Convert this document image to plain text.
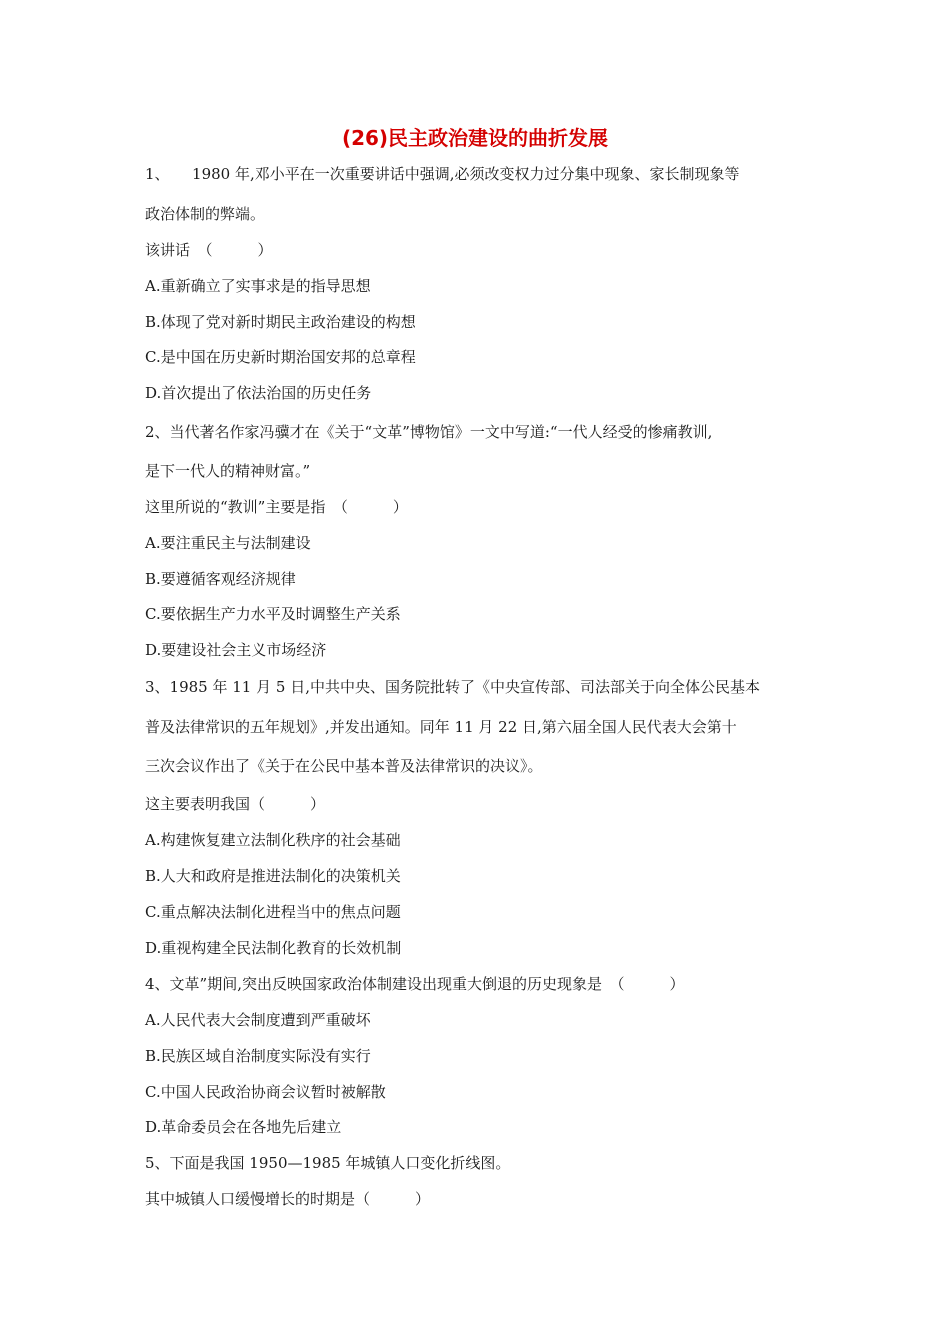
(26)民主政治建设的曲折发展
1、　　1980 年,邓小平在一次重要讲话中强调,必须改变权力过分集中现象、家长制现象等
政治体制的弊端。
该讲话　（　　　）
A.重新确立了实事求是的指导思想
B.体现了党对新时期民主政治建设的构想
C.是中国在历史新时期治国安邦的总章程
D.首次提出了依法治国的历史任务
2、当代著名作家冯骥才在《关于“文革”博物馆》一文中写道:“一代人经受的惨痛教训,
是下一代人的精神财富。”
这里所说的“教训”主要是指　（　　　）
A.要注重民主与法制建设
B.要遵循客观经济规律
C.要依据生产力水平及时调整生产关系
D.要建设社会主义市场经济
3、1985 年 11 月 5 日,中共中央、国务院批转了《中央宣传部、司法部关于向全体公民基本
普及法律常识的五年规划》,并发出通知。同年 11 月 22 日,第六届全国人民代表大会第十
三次会议作出了《关于在公民中基本普及法律常识的决议》。
这主要表明我国（　　　）
A.构建恢复建立法制化秩序的社会基础
B.人大和政府是推进法制化的决策机关
C.重点解决法制化进程当中的焦点问题
D.重视构建全民法制化教育的长效机制
4、文革”期间,突出反映国家政治体制建设出现重大倒退的历史现象是　（　　　）
A.人民代表大会制度遭到严重破坏
B.民族区域自治制度实际没有实行
C.中国人民政治协商会议暂时被解散
D.革命委员会在各地先后建立
5、下面是我国 1950—1985 年城镇人口变化折线图。
其中城镇人口缓慢增长的时期是（　　　）
